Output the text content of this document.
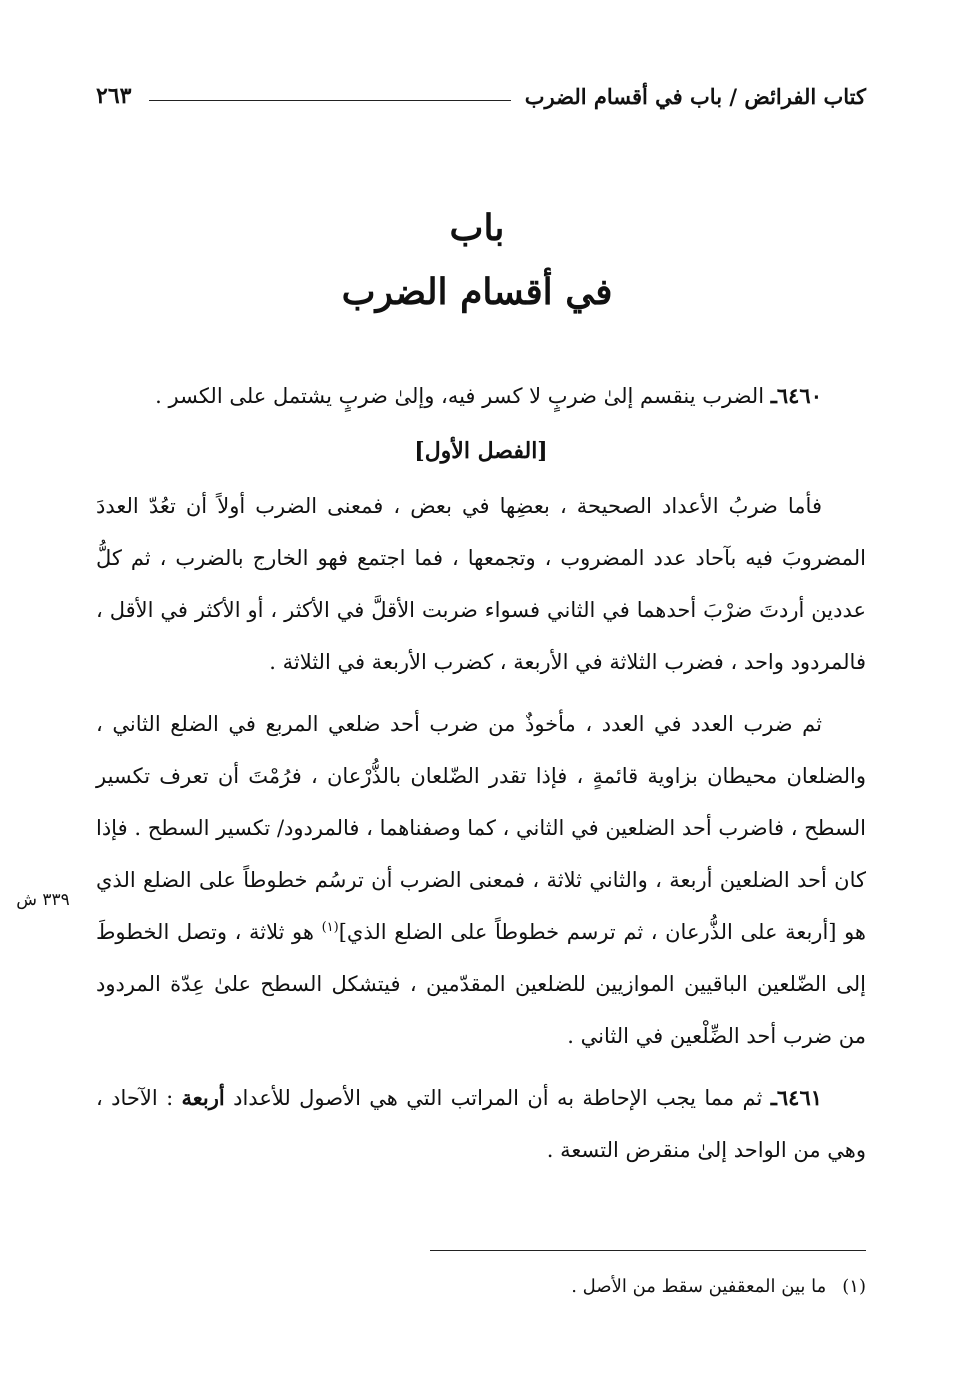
كتاب الفرائض / باب في أقسام الضرب
٢٦٣
باب
في أقسام الضرب

٦٤٦٠ـ الضرب ينقسم إلىٰ ضربٍ لا كسر فيه، وإلىٰ ضربٍ يشتمل على الكسر .

[الفصل الأول]

فأما ضربُ الأعداد الصحيحة ، بعضِها في بعض ، فمعنى الضرب أولاً أن تعُدّ العددَ المضروبَ فيه بآحاد عدد المضروب ، وتجمعها ، فما اجتمع فهو الخارج بالضرب ، ثم كلُّ عددين أردتَ ضرْبَ أحدهما في الثاني فسواء ضربت الأقلَّ في الأكثر ، أو الأكثر في الأقل ، فالمردود واحد ، فضرب الثلاثة في الأربعة ، كضرب الأربعة في الثلاثة .

ثم ضرب العدد في العدد ، مأخوذٌ من ضرب أحد ضلعي المربع في الضلع الثاني ، والضلعان محيطان بزاوية قائمةٍ ، فإذا تقدر الضّلعان بالذُّرْعان ، فرُمْتَ أن تعرف تكسير السطح ، فاضرب أحد الضلعين في الثاني ، كما وصفناهما ، فالمردود/ تكسير السطح . فإذا كان أحد الضلعين أربعة ، والثاني ثلاثة ، فمعنى الضرب أن ترسُم خطوطاً على الضلع الذي هو [أربعة على الذُّرعان ، ثم ترسم خطوطاً على الضلع الذي]$^{(١)}$ هو ثلاثة ، وتصل الخطوطَ إلى الضّلعين الباقيين الموازيين للضلعين المقدّمين ، فيتشكل السطح علىٰ عِدّة المردود من ضرب أحد الضِّلْعين في الثاني .

٦٤٦١ـ ثم مما يجب الإحاطة به أن المراتب التي هي الأصول للأعداد أربعة : الآحاد ، وهي من الواحد إلىٰ منقرض التسعة .

٣٣٩ ش
(١)ما بين المعقفين سقط من الأصل .
